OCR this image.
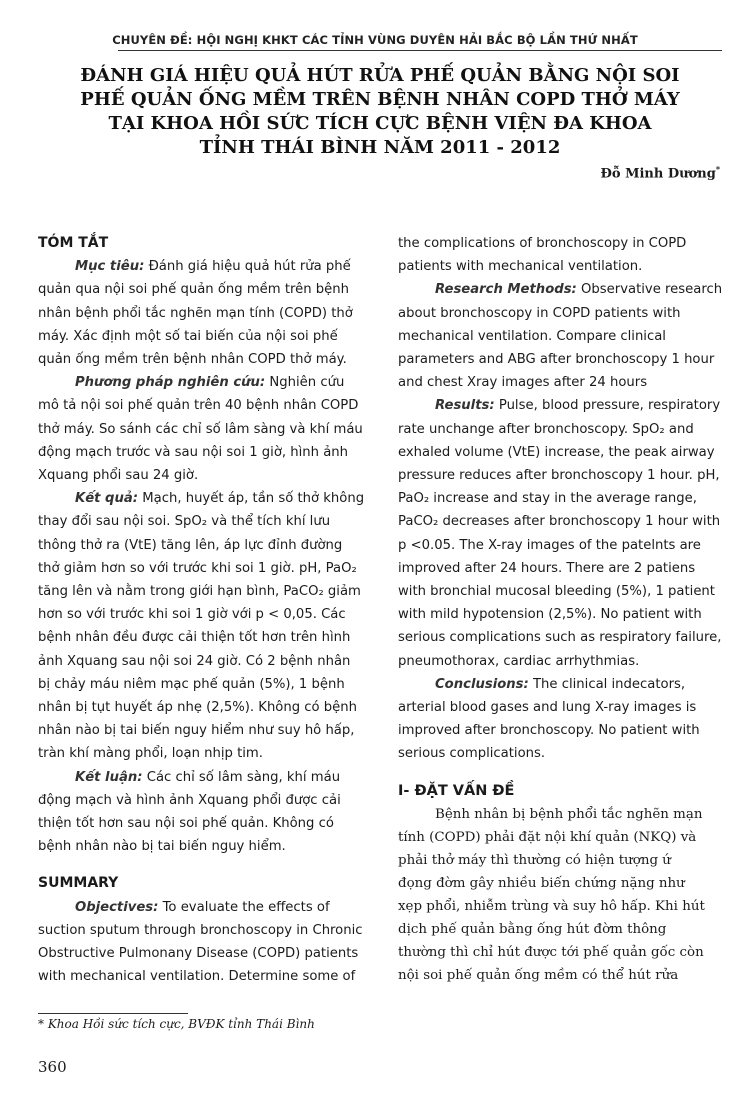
CHUYÊN ĐỀ: HỘI NGHỊ KHKT CÁC TỈNH VÙNG DUYÊN HẢI BẮC BỘ LẦN THỨ NHẤT
ĐÁNH GIÁ HIỆU QUẢ HÚT RỬA PHẾ QUẢN BẰNG NỘI SOI
PHẾ QUẢN ỐNG MỀM TRÊN BỆNH NHÂN COPD THỞ MÁY
TẠI KHOA HỒI SỨC TÍCH CỰC BỆNH VIỆN ĐA KHOA
TỈNH THÁI BÌNH NĂM 2011 - 2012
Đỗ Minh Dương*
TÓM TẮT
Mục tiêu: Đánh giá hiệu quả hút rửa phế
quản qua nội soi phế quản ống mềm trên bệnh
nhân bệnh phổi tắc nghẽn mạn tính (COPD) thở
máy. Xác định một số tai biến của nội soi phế
quản ống mềm trên bệnh nhân COPD thở máy.
Phương pháp nghiên cứu: Nghiên cứu
mô tả nội soi phế quản trên 40 bệnh nhân COPD
thở máy. So sánh các chỉ số lâm sàng và khí máu
động mạch trước và sau nội soi 1 giờ, hình ảnh
Xquang phổi sau 24 giờ.
Kết quả: Mạch, huyết áp, tần số thở không
thay đổi sau nội soi. SpO₂ và thể tích khí lưu
thông thở ra (VtE) tăng lên, áp lực đỉnh đường
thở giảm hơn so với trước khi soi 1 giờ. pH, PaO₂
tăng lên và nằm trong giới hạn bình, PaCO₂ giảm
hơn so với trước khi soi 1 giờ với p < 0,05. Các
bệnh nhân đều được cải thiện tốt hơn trên hình
ảnh Xquang sau nội soi 24 giờ. Có 2 bệnh nhân
bị chảy máu niêm mạc phế quản (5%), 1 bệnh
nhân bị tụt huyết áp nhẹ (2,5%). Không có bệnh
nhân nào bị tai biến nguy hiểm như suy hô hấp,
tràn khí màng phổi, loạn nhịp tim.
Kết luận: Các chỉ số lâm sàng, khí máu
động mạch và hình ảnh Xquang phổi được cải
thiện tốt hơn sau nội soi phế quản. Không có
bệnh nhân nào bị tai biến nguy hiểm.
SUMMARY
Objectives: To evaluate the effects of
suction sputum through bronchoscopy in Chronic
Obstructive Pulmonany Disease (COPD) patients
with mechanical ventilation. Determine some of
the complications of bronchoscopy in COPD
patients with mechanical ventilation.
Research Methods: Observative research
about bronchoscopy in COPD patients with
mechanical ventilation. Compare clinical
parameters and ABG after bronchoscopy 1 hour
and chest Xray images after 24 hours
Results: Pulse, blood pressure, respiratory
rate unchange after bronchoscopy. SpO₂ and
exhaled volume (VtE) increase, the peak airway
pressure reduces after bronchoscopy 1 hour. pH,
PaO₂ increase and stay in the average range,
PaCO₂ decreases after bronchoscopy 1 hour with
p <0.05. The X-ray images of the patelnts are
improved after 24 hours. There are 2 patiens
with bronchial mucosal bleeding (5%), 1 patient
with mild hypotension (2,5%). No patient with
serious complications such as respiratory failure,
pneumothorax, cardiac arrhythmias.
Conclusions: The clinical indecators,
arterial blood gases and lung X-ray images is
improved after bronchoscopy. No patient with
serious complications.
I- ĐẶT VẤN ĐỀ
Bệnh nhân bị bệnh phổi tắc nghẽn mạn
tính (COPD) phải đặt nội khí quản (NKQ) và
phải thở máy thì thường có hiện tượng ứ
đọng đờm gây nhiều biến chứng nặng như
xẹp phổi, nhiễm trùng và suy hô hấp. Khi hút
dịch phế quản bằng ống hút đờm thông
thường thì chỉ hút được tới phế quản gốc còn
nội soi phế quản ống mềm có thể hút rửa
* Khoa Hồi sức tích cực, BVĐK tỉnh Thái Bình
360
